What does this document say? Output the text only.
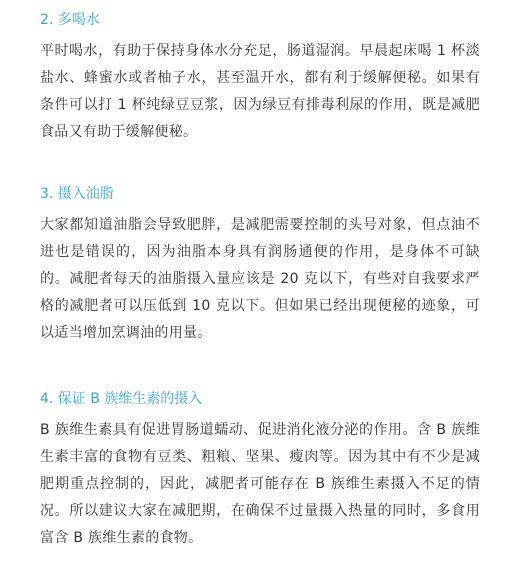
2. 多喝水

平时喝水，有助于保持身体水分充足，肠道湿润。早晨起床喝 1 杯淡盐水、蜂蜜水或者柚子水，甚至温开水，都有利于缓解便秘。如果有条件可以打 1 杯纯绿豆豆浆，因为绿豆有排毒利尿的作用，既是减肥食品又有助于缓解便秘。

3. 摄入油脂

大家都知道油脂会导致肥胖，是减肥需要控制的头号对象，但点油不进也是错误的，因为油脂本身具有润肠通便的作用，是身体不可缺的。减肥者每天的油脂摄入量应该是 20 克以下，有些对自我要求严格的减肥者可以压低到 10 克以下。但如果已经出现便秘的迹象，可以适当增加烹调油的用量。

4. 保证 B 族维生素的摄入

B 族维生素具有促进胃肠道蠕动、促进消化液分泌的作用。含 B 族维生素丰富的食物有豆类、粗粮、坚果、瘦肉等。因为其中有不少是减肥期重点控制的，因此，减肥者可能存在 B 族维生素摄入不足的情况。所以建议大家在减肥期，在确保不过量摄入热量的同时，多食用富含 B 族维生素的食物。
